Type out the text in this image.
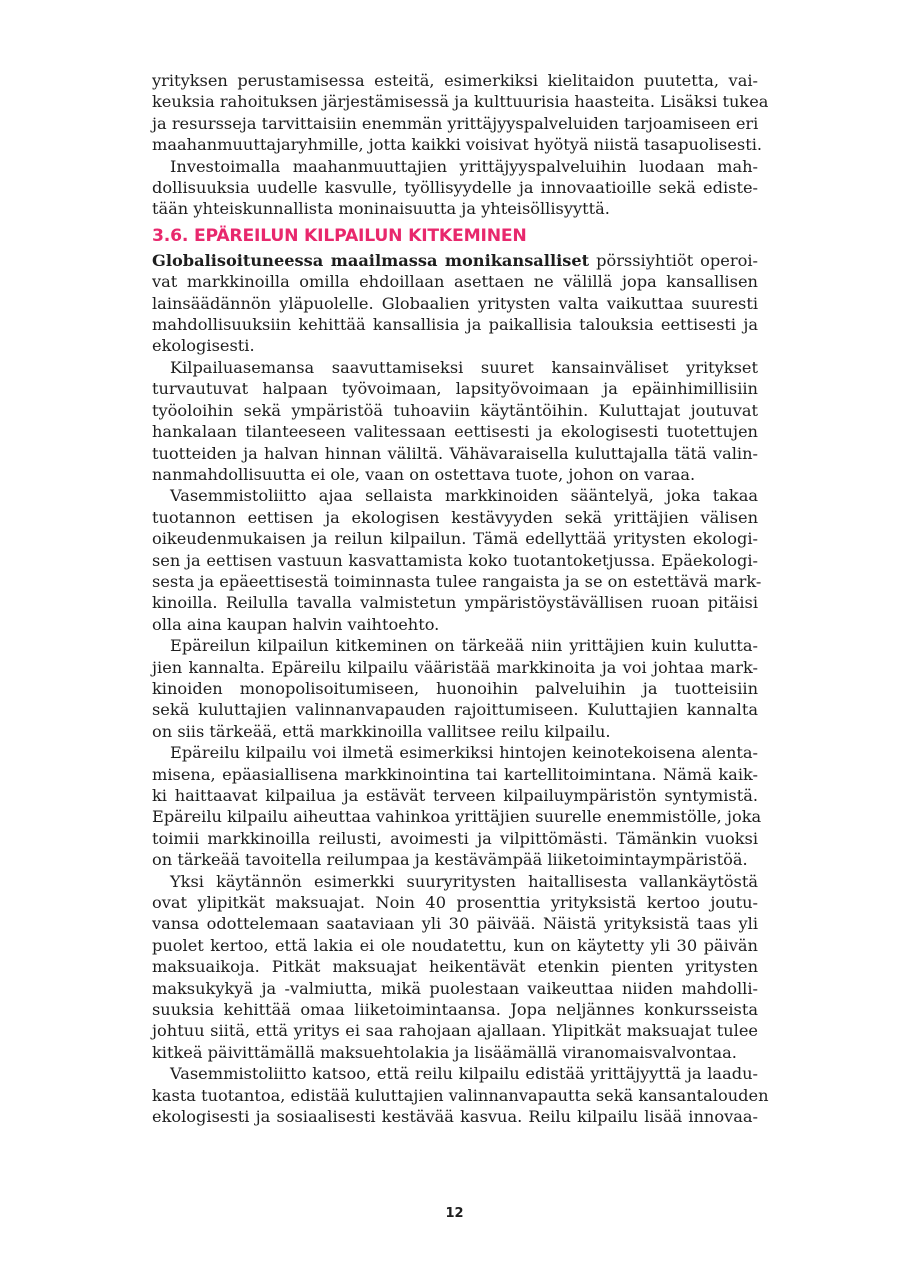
yrityksen perustamisessa esteitä, esimerkiksi kielitaidon puutetta, vai-
keuksia rahoituksen järjestämisessä ja kulttuurisia haasteita. Lisäksi tukea
ja resursseja tarvittaisiin enemmän yrittäjyyspalveluiden tarjoamiseen eri
maahanmuuttajaryhmille, jotta kaikki voisivat hyötyä niistä tasapuolisesti.
Investoimalla maahanmuuttajien yrittäjyyspalveluihin luodaan mah-
dollisuuksia uudelle kasvulle, työllisyydelle ja innovaatioille sekä ediste-
tään yhteiskunnallista moninaisuutta ja yhteisöllisyyttä.
3.6. EPÄREILUN KILPAILUN KITKEMINEN
Globalisoituneessa maailmassa monikansalliset pörssiyhtiöt operoi-
vat markkinoilla omilla ehdoillaan asettaen ne välillä jopa kansallisen
lainsäädännön yläpuolelle. Globaalien yritysten valta vaikuttaa suuresti
mahdollisuuksiin kehittää kansallisia ja paikallisia talouksia eettisesti ja
ekologisesti.
Kilpailuasemansa saavuttamiseksi suuret kansainväliset yritykset
turvautuvat halpaan työvoimaan, lapsityövoimaan ja epäinhimillisiin
työoloihin sekä ympäristöä tuhoaviin käytäntöihin. Kuluttajat joutuvat
hankalaan tilanteeseen valitessaan eettisesti ja ekologisesti tuotettujen
tuotteiden ja halvan hinnan väliltä. Vähävaraisella kuluttajalla tätä valin-
nanmahdollisuutta ei ole, vaan on ostettava tuote, johon on varaa.
Vasemmistoliitto ajaa sellaista markkinoiden sääntelyä, joka takaa
tuotannon eettisen ja ekologisen kestävyyden sekä yrittäjien välisen
oikeudenmukaisen ja reilun kilpailun. Tämä edellyttää yritysten ekologi-
sen ja eettisen vastuun kasvattamista koko tuotantoketjussa. Epäekologi-
sesta ja epäeettisestä toiminnasta tulee rangaista ja se on estettävä mark-
kinoilla. Reilulla tavalla valmistetun ympäristöystävällisen ruoan pitäisi
olla aina kaupan halvin vaihtoehto.
Epäreilun kilpailun kitkeminen on tärkeää niin yrittäjien kuin kulutta-
jien kannalta. Epäreilu kilpailu vääristää markkinoita ja voi johtaa mark-
kinoiden monopolisoitumiseen, huonoihin palveluihin ja tuotteisiin
sekä kuluttajien valinnanvapauden rajoittumiseen. Kuluttajien kannalta
on siis tärkeää, että markkinoilla vallitsee reilu kilpailu.
Epäreilu kilpailu voi ilmetä esimerkiksi hintojen keinotekoisena alenta-
misena, epäasiallisena markkinointina tai kartellitoimintana. Nämä kaik-
ki haittaavat kilpailua ja estävät terveen kilpailuympäristön syntymistä.
Epäreilu kilpailu aiheuttaa vahinkoa yrittäjien suurelle enemmistölle, joka
toimii markkinoilla reilusti, avoimesti ja vilpittömästi. Tämänkin vuoksi
on tärkeää tavoitella reilumpaa ja kestävämpää liiketoimintaympäristöä.
Yksi käytännön esimerkki suuryritysten haitallisesta vallankäytöstä
ovat ylipitkät maksuajat. Noin 40 prosenttia yrityksistä kertoo joutu-
vansa odottelemaan saataviaan yli 30 päivää. Näistä yrityksistä taas yli
puolet kertoo, että lakia ei ole noudatettu, kun on käytetty yli 30 päivän
maksuaikoja. Pitkät maksuajat heikentävät etenkin pienten yritysten
maksukykyä ja -valmiutta, mikä puolestaan vaikeuttaa niiden mahdolli-
suuksia kehittää omaa liiketoimintaansa. Jopa neljännes konkursseista
johtuu siitä, että yritys ei saa rahojaan ajallaan. Ylipitkät maksuajat tulee
kitkeä päivittämällä maksuehtolakia ja lisäämällä viranomaisvalvontaa.
Vasemmistoliitto katsoo, että reilu kilpailu edistää yrittäjyyttä ja laadu-
kasta tuotantoa, edistää kuluttajien valinnanvapautta sekä kansantalouden
ekologisesti ja sosiaalisesti kestävää kasvua. Reilu kilpailu lisää innovaa-
12
